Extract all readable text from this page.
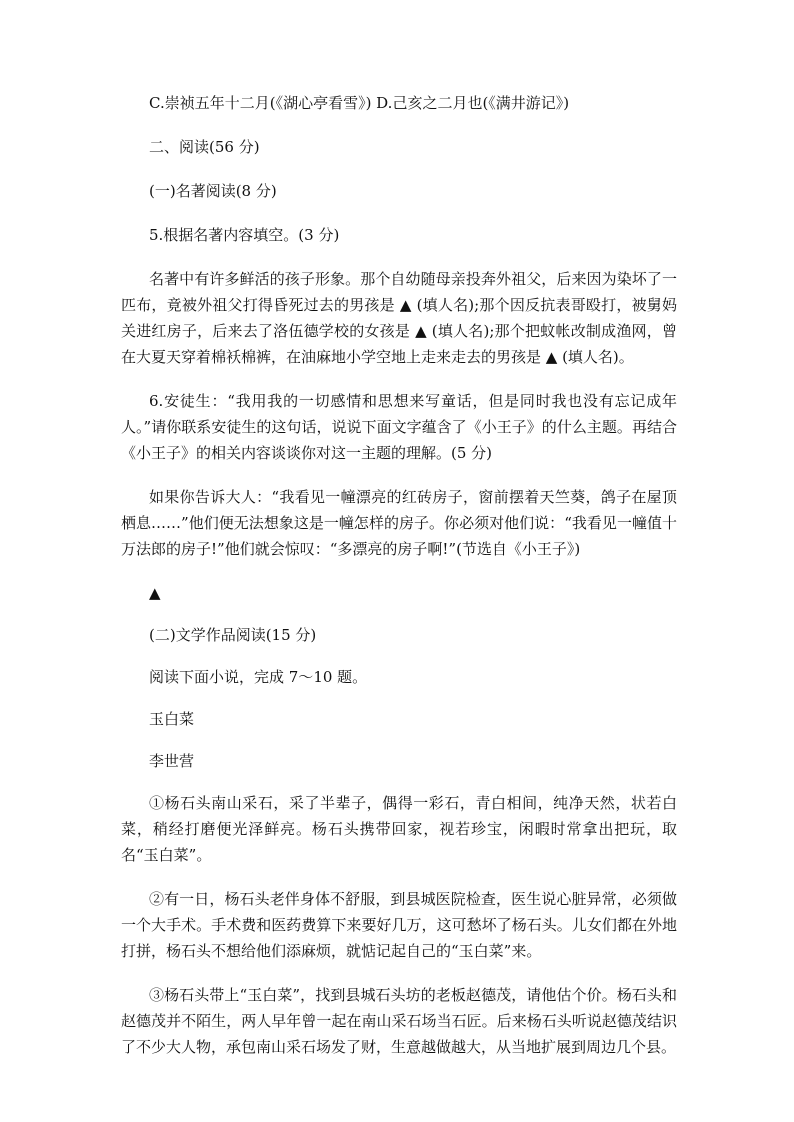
C.崇祯五年十二月(《湖心亭看雪》) D.己亥之二月也(《满井游记》)
二、阅读(56 分)
(一)名著阅读(8 分)
5.根据名著内容填空。(3 分)
名著中有许多鲜活的孩子形象。那个自幼随母亲投奔外祖父，后来因为染坏了一匹布，竟被外祖父打得昏死过去的男孩是 ▲ (填人名);那个因反抗表哥殴打，被舅妈关进红房子，后来去了洛伍德学校的女孩是 ▲ (填人名);那个把蚊帐改制成渔网，曾在大夏天穿着棉袄棉裤，在油麻地小学空地上走来走去的男孩是 ▲ (填人名)。
6.安徒生：“我用我的一切感情和思想来写童话，但是同时我也没有忘记成年人。”请你联系安徒生的这句话，说说下面文字蕴含了《小王子》的什么主题。再结合《小王子》的相关内容谈谈你对这一主题的理解。(5 分)
如果你告诉大人：“我看见一幢漂亮的红砖房子，窗前摆着天竺葵，鸽子在屋顶栖息……”他们便无法想象这是一幢怎样的房子。你必须对他们说：“我看见一幢值十万法郎的房子!”他们就会惊叹：“多漂亮的房子啊!”(节选自《小王子》)
▲
(二)文学作品阅读(15 分)
阅读下面小说，完成 7～10 题。
玉白菜
李世营
①杨石头南山采石，采了半辈子，偶得一彩石，青白相间，纯净天然，状若白菜，稍经打磨便光泽鲜亮。杨石头携带回家，视若珍宝，闲暇时常拿出把玩，取名“玉白菜”。
②有一日，杨石头老伴身体不舒服，到县城医院检查，医生说心脏异常，必须做一个大手术。手术费和医药费算下来要好几万，这可愁坏了杨石头。儿女们都在外地打拼，杨石头不想给他们添麻烦，就惦记起自己的“玉白菜”来。
③杨石头带上“玉白菜”，找到县城石头坊的老板赵德茂，请他估个价。杨石头和赵德茂并不陌生，两人早年曾一起在南山采石场当石匠。后来杨石头听说赵德茂结识了不少大人物，承包南山采石场发了财，生意越做越大，从当地扩展到周边几个县。
